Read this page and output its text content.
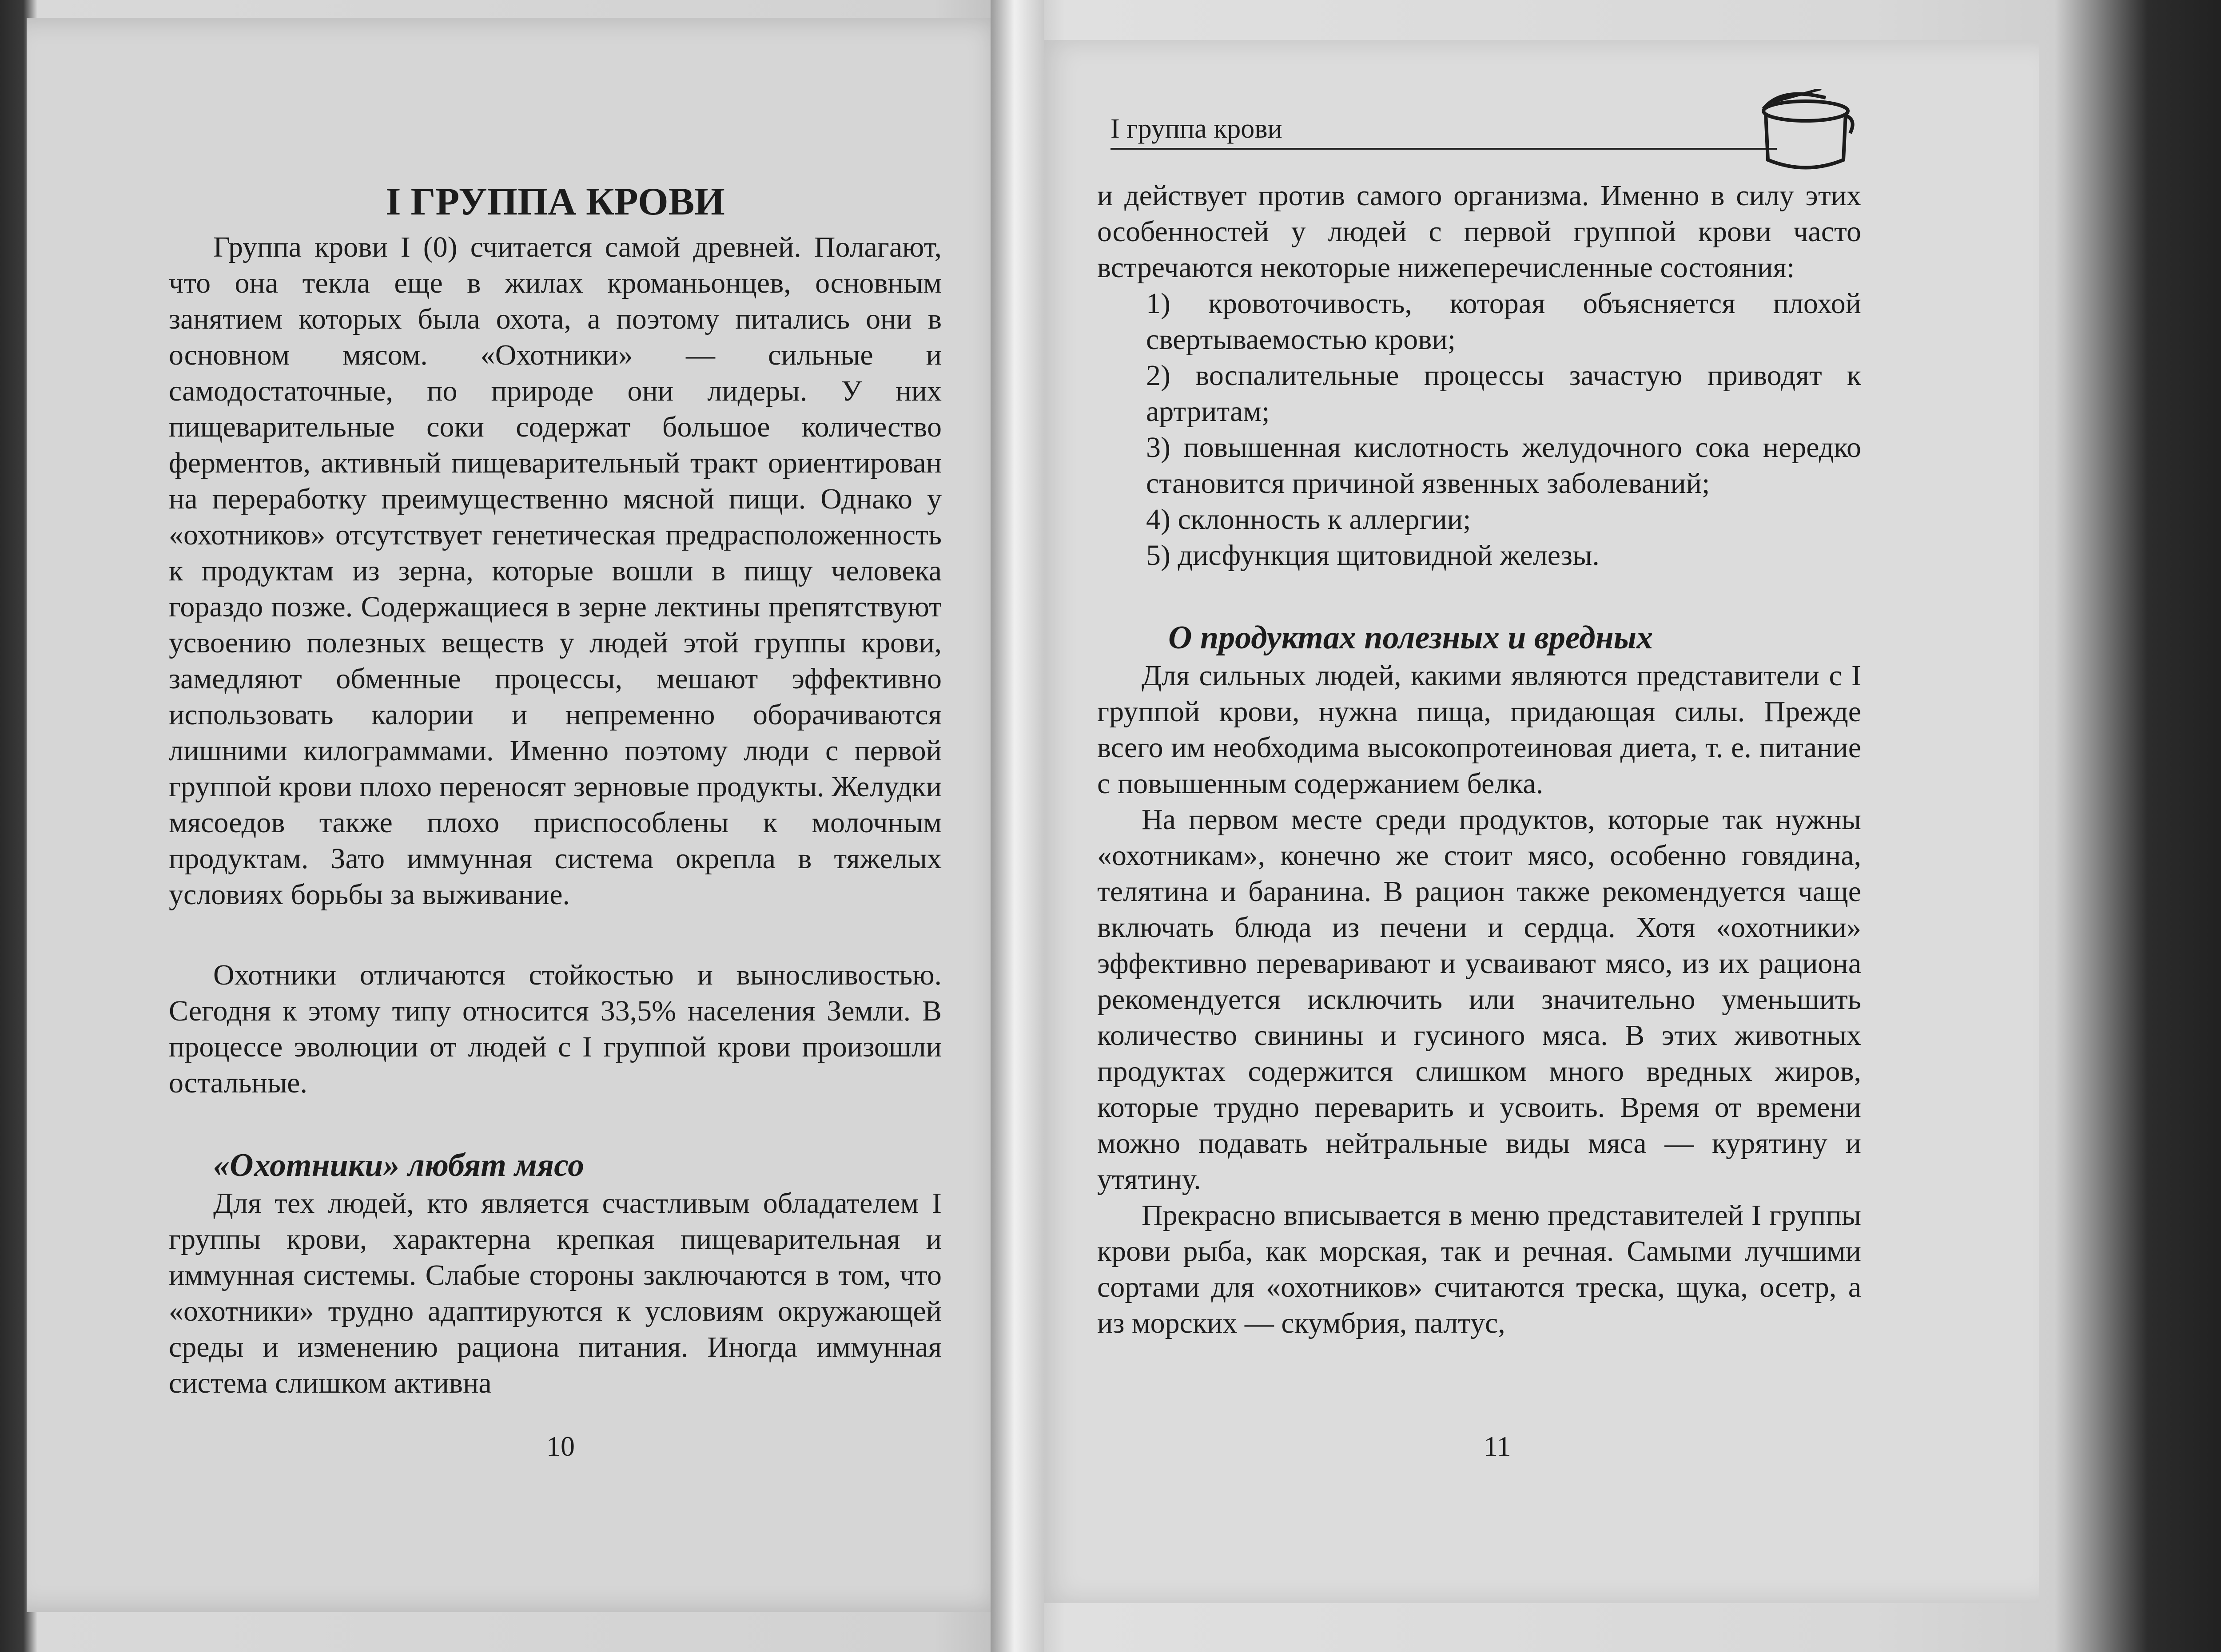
I ГРУППА КРОВИ

Группа крови I (0) считается самой древней. Полагают, что она текла еще в жилах кроманьонцев, основным занятием которых была охота, а поэтому питались они в основном мясом. «Охотники» — сильные и самодостаточные, по природе они лидеры. У них пищеварительные соки содержат большое количество ферментов, активный пищеварительный тракт ориентирован на переработку преимущественно мясной пищи. Однако у «охотников» отсутствует генетическая предрасположенность к продуктам из зерна, которые вошли в пищу человека гораздо позже. Содержащиеся в зерне лектины препятствуют усвоению полезных веществ у людей этой группы крови, замедляют обменные процессы, мешают эффективно использовать калории и непременно оборачиваются лишними килограммами. Именно поэтому люди с первой группой крови плохо переносят зерновые продукты. Желудки мясоедов также плохо приспособлены к молочным продуктам. Зато иммунная система окрепла в тяжелых условиях борьбы за выживание.

Охотники отличаются стойкостью и выносливостью. Сегодня к этому типу относится 33,5% населения Земли. В процессе эволюции от людей с I группой крови произошли остальные.

«Охотники» любят мясо

Для тех людей, кто является счастливым обладателем I группы крови, характерна крепкая пищеварительная и иммунная системы. Слабые стороны заключаются в том, что «охотники» трудно адаптируются к условиям окружающей среды и изменению рациона питания. Иногда иммунная система слишком активна

10
I группа крови

и действует против самого организма. Именно в силу этих особенностей у людей с первой группой крови часто встречаются некоторые нижеперечисленные состояния:

1) кровоточивость, которая объясняется плохой свертываемостью крови;

2) воспалительные процессы зачастую приводят к артритам;

3) повышенная кислотность желудочного сока нередко становится причиной язвенных заболеваний;

4) склонность к аллергии;

5) дисфункция щитовидной железы.

О продуктах полезных и вредных

Для сильных людей, какими являются представители с I группой крови, нужна пища, придающая силы. Прежде всего им необходима высокопротеиновая диета, т. е. питание с повышенным содержанием белка.

На первом месте среди продуктов, которые так нужны «охотникам», конечно же стоит мясо, особенно говядина, телятина и баранина. В рацион также рекомендуется чаще включать блюда из печени и сердца. Хотя «охотники» эффективно переваривают и усваивают мясо, из их рациона рекомендуется исключить или значительно уменьшить количество свинины и гусиного мяса. В этих животных продуктах содержится слишком много вредных жиров, которые трудно переварить и усвоить. Время от времени можно подавать нейтральные виды мяса — курятину и утятину.

Прекрасно вписывается в меню представителей I группы крови рыба, как морская, так и речная. Самыми лучшими сортами для «охотников» считаются треска, щука, осетр, а из морских — скумбрия, палтус,

11
